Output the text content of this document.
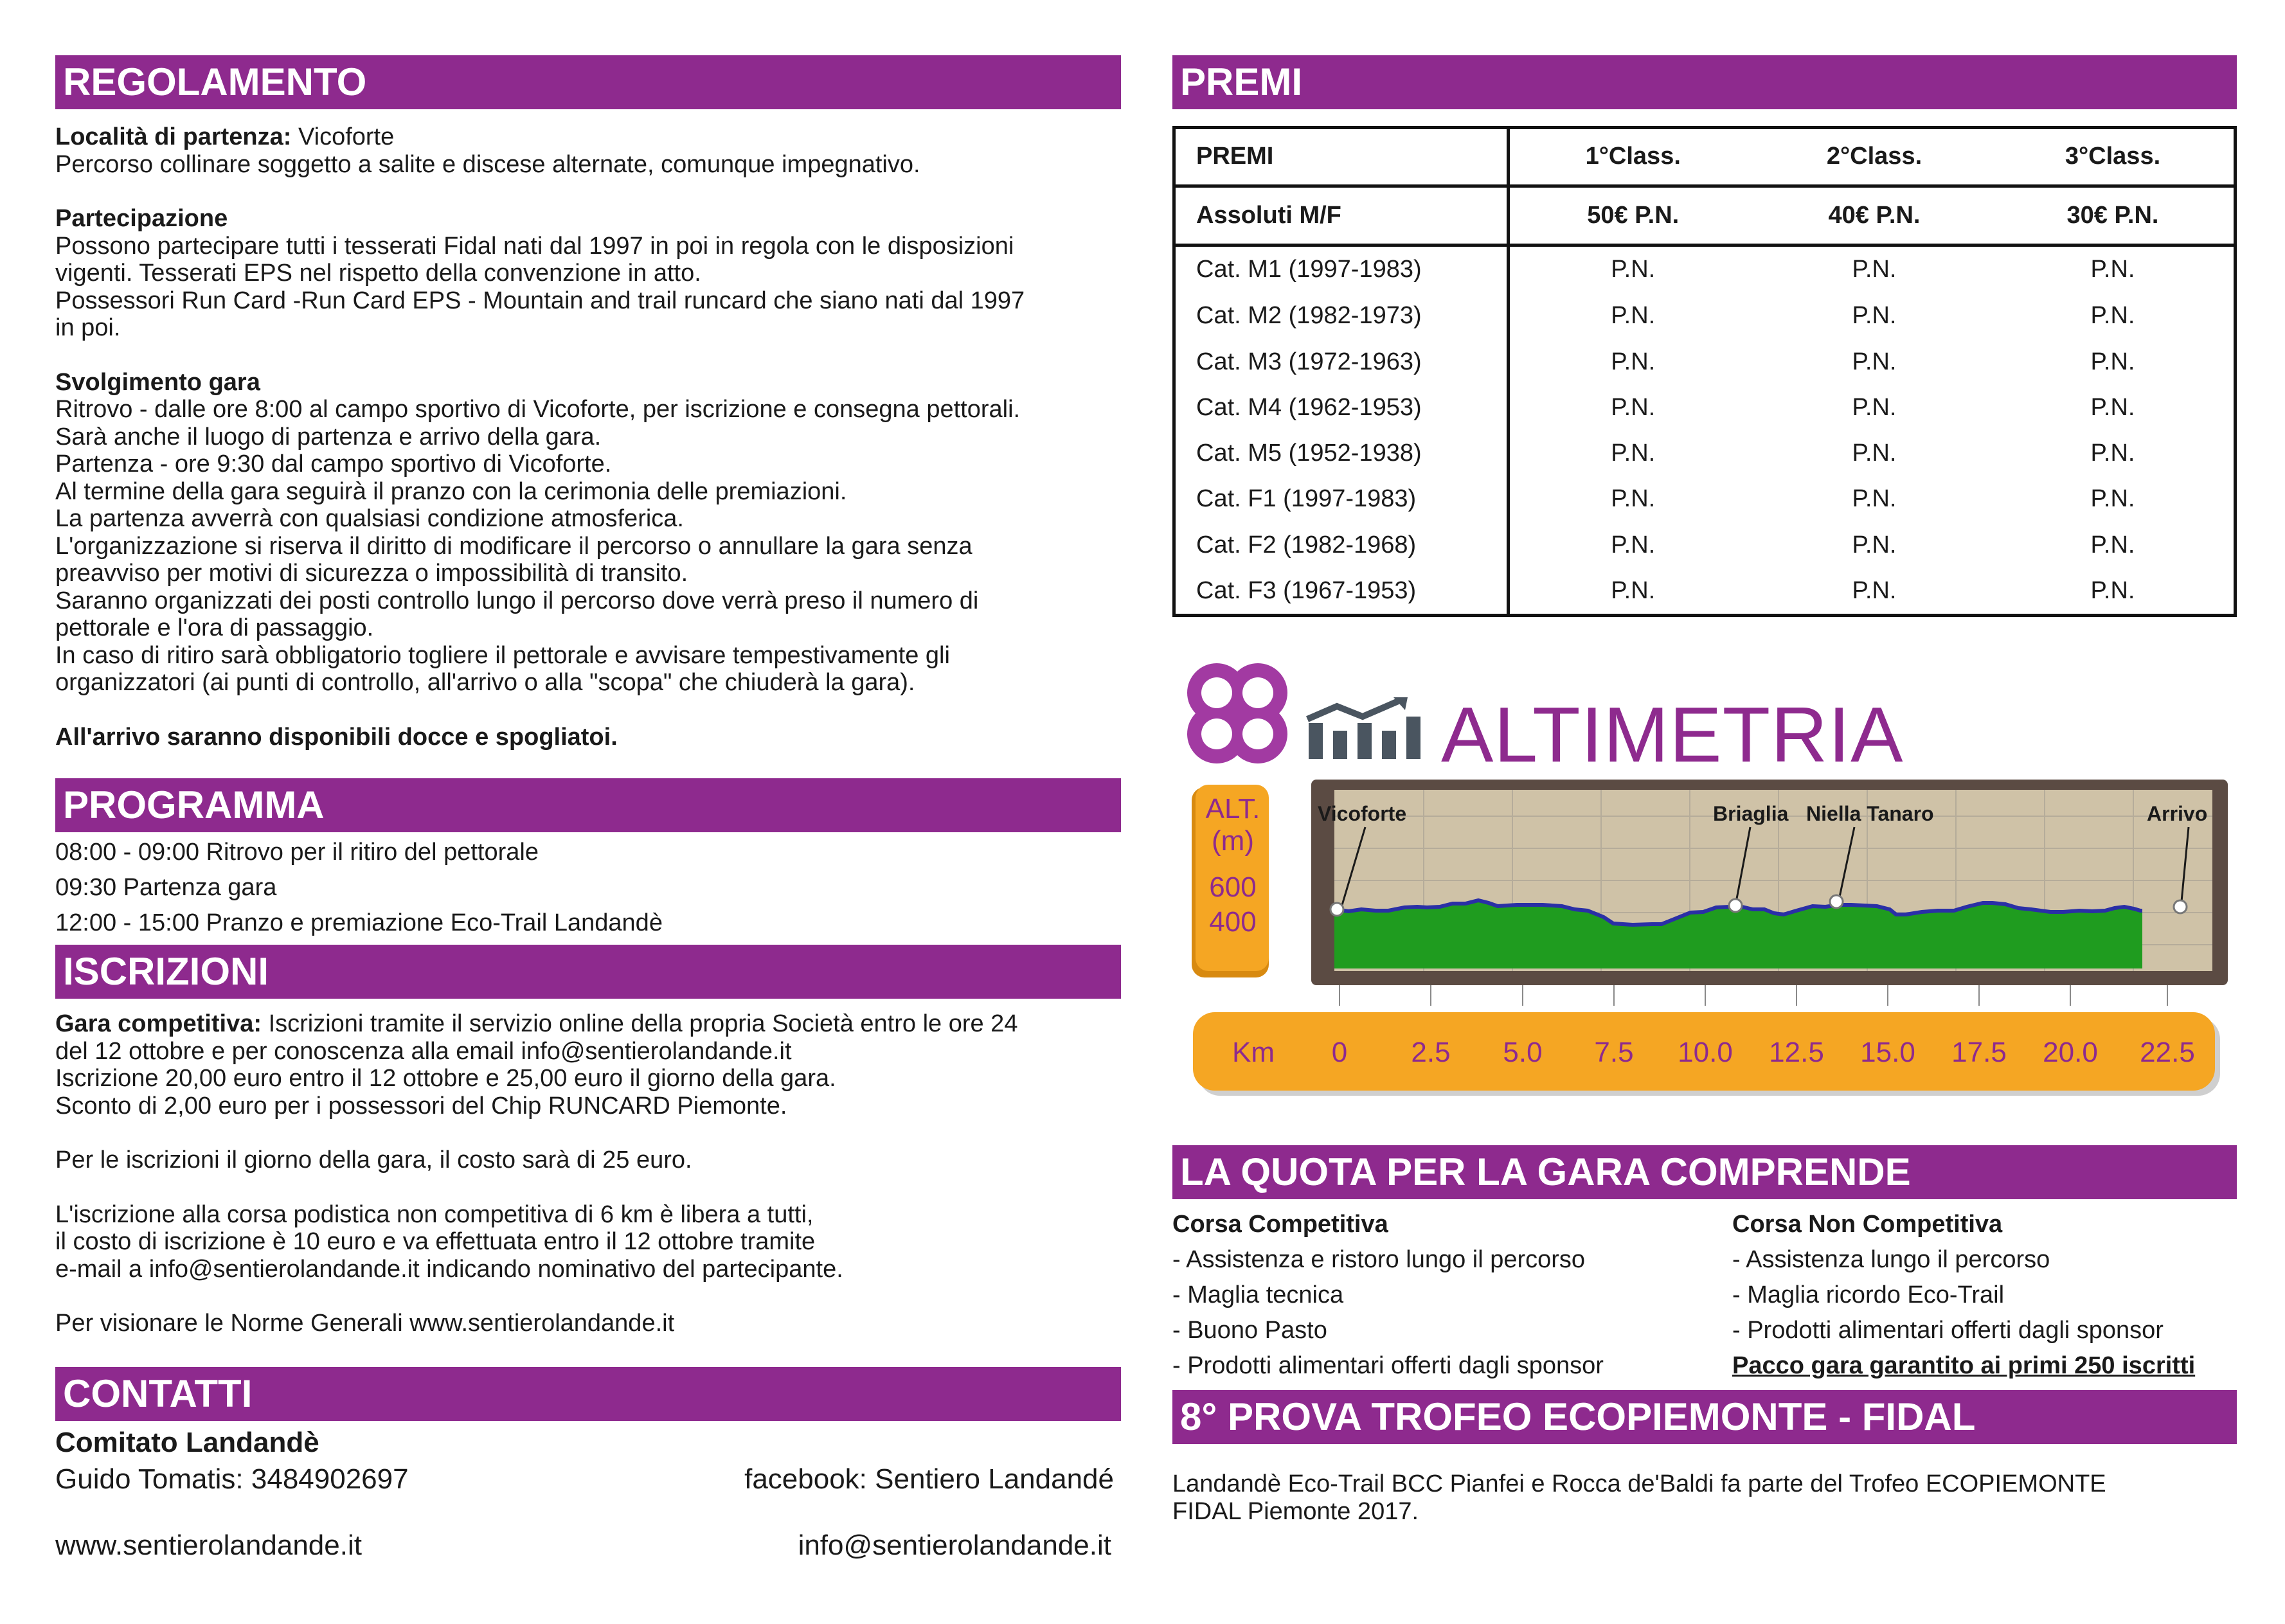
REGOLAMENTO

Località di partenza: Vicoforte

Percorso collinare soggetto a salite e discese alternate, comunque impegnativo.

Partecipazione

Possono partecipare tutti i tesserati Fidal nati dal 1997 in poi in regola con le disposizioni

vigenti. Tesserati EPS nel rispetto della convenzione in atto.

Possessori Run Card -Run Card EPS - Mountain and trail runcard che siano nati dal 1997

in poi.

Svolgimento gara

Ritrovo - dalle ore 8:00 al campo sportivo di Vicoforte, per iscrizione e consegna pettorali.

Sarà anche il luogo di partenza e arrivo della gara.

Partenza - ore 9:30 dal campo sportivo di Vicoforte.

Al termine della gara seguirà il pranzo con la cerimonia delle premiazioni.

La partenza avverrà con qualsiasi condizione atmosferica.

L'organizzazione si riserva il diritto di modificare il percorso o annullare la gara senza

preavviso per motivi di sicurezza o impossibilità di transito.

Saranno organizzati dei posti controllo lungo il percorso dove verrà preso il numero di

pettorale e l'ora di passaggio.

In caso di ritiro sarà obbligatorio togliere il pettorale e avvisare tempestivamente gli

organizzatori (ai punti di controllo, all'arrivo o alla "scopa" che chiuderà la gara).

All'arrivo saranno disponibili docce e spogliatoi.

PROGRAMMA
08:00 - 09:00 Ritrovo per il ritiro del pettorale
09:30 Partenza gara
12:00 - 15:00 Pranzo e premiazione Eco-Trail Landandè
ISCRIZIONI

Gara competitiva: Iscrizioni tramite il servizio online della propria Società entro le ore 24

del 12 ottobre e per conoscenza alla email info@sentierolandande.it

Iscrizione 20,00 euro entro il 12 ottobre e 25,00 euro il giorno della gara.

Sconto di 2,00 euro per i possessori del Chip RUNCARD Piemonte.

Per le iscrizioni il giorno della gara, il costo sarà di 25 euro.

L'iscrizione alla corsa podistica non competitiva di 6 km è libera a tutti,

il costo di iscrizione è 10 euro e va effettuata entro il 12 ottobre tramite

e-mail a info@sentierolandande.it indicando nominativo del partecipante.

Per visionare le Norme Generali www.sentierolandande.it

CONTATTI
Comitato Landandè
Guido Tomatis: 3484902697	facebook: Sentiero Landandé
www.sentierolandande.it	info@sentierolandande.it
PREMI
PREMI	1°Class.	2°Class.	3°Class.
Assoluti M/F	50€ P.N.	40€ P.N.	30€ P.N.
Cat. M1 (1997-1983)	P.N.	P.N.	P.N.
Cat. M2 (1982-1973)	P.N.	P.N.	P.N.
Cat. M3 (1972-1963)	P.N.	P.N.	P.N.
Cat. M4 (1962-1953)	P.N.	P.N.	P.N.
Cat. M5 (1952-1938)	P.N.	P.N.	P.N.
Cat. F1 (1997-1983)	P.N.	P.N.	P.N.
Cat. F2 (1982-1968)	P.N.	P.N.	P.N.
Cat. F3 (1967-1953)	P.N.	P.N.	P.N.
ALTIMETRIA
Vicoforte	Briaglia Niella Tanaro	Arrivo
ALT.
(m)
600
400
Km 0 2.5 5.0 7.5 10.0 12.5 15.0 17.5 20.0 22.5
LA QUOTA PER LA GARA COMPRENDE
Corsa Competitiva
- Assistenza e ristoro lungo il percorso
- Maglia tecnica
- Buono Pasto
- Prodotti alimentari offerti dagli sponsor
Corsa Non Competitiva
- Assistenza lungo il percorso
- Maglia ricordo Eco-Trail
- Prodotti alimentari offerti dagli sponsor
Pacco gara garantito ai primi 250 iscritti
8° PROVA TROFEO ECOPIEMONTE - FIDAL

Landandè Eco-Trail BCC Pianfei e Rocca de'Baldi fa parte del Trofeo ECOPIEMONTE

FIDAL Piemonte 2017.
